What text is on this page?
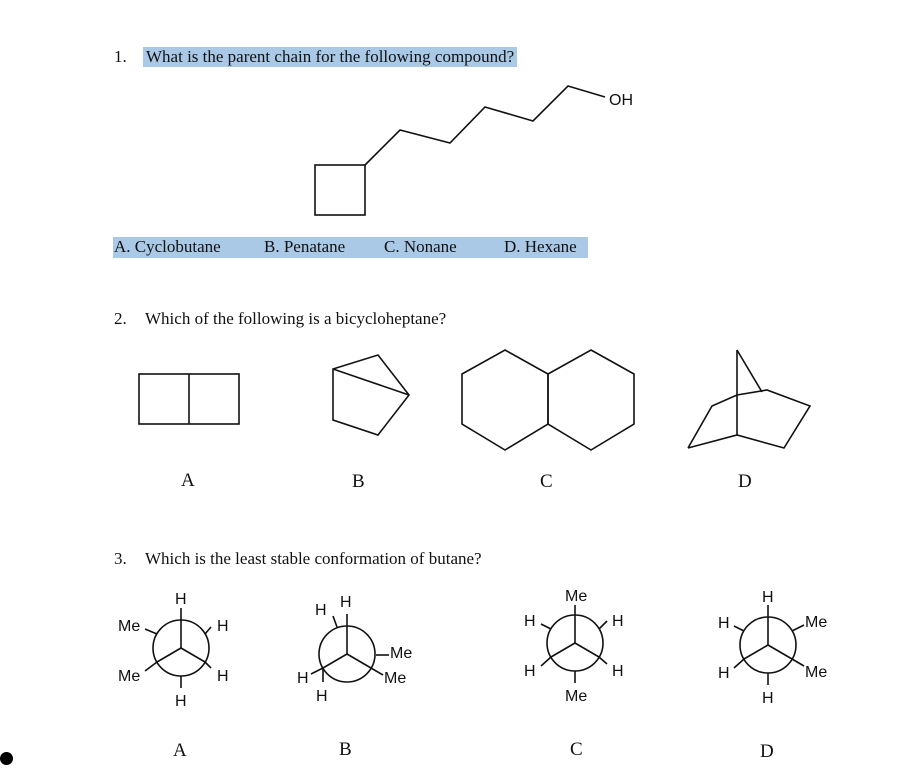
1. What is the parent chain for the following compound?
OH
A. Cyclobutane	B. Penatane C. Nonane	D. Hexane
2. Which of the following is a bicycloheptane?
A	B	C	D
3. Which is the least stable conformation of butane?
H
Me	H
Me	H
H
H H
Me
Me
H
H
Me
H	H
H	H
Me
H
H	Me
H	Me
H
A	B	C	D
